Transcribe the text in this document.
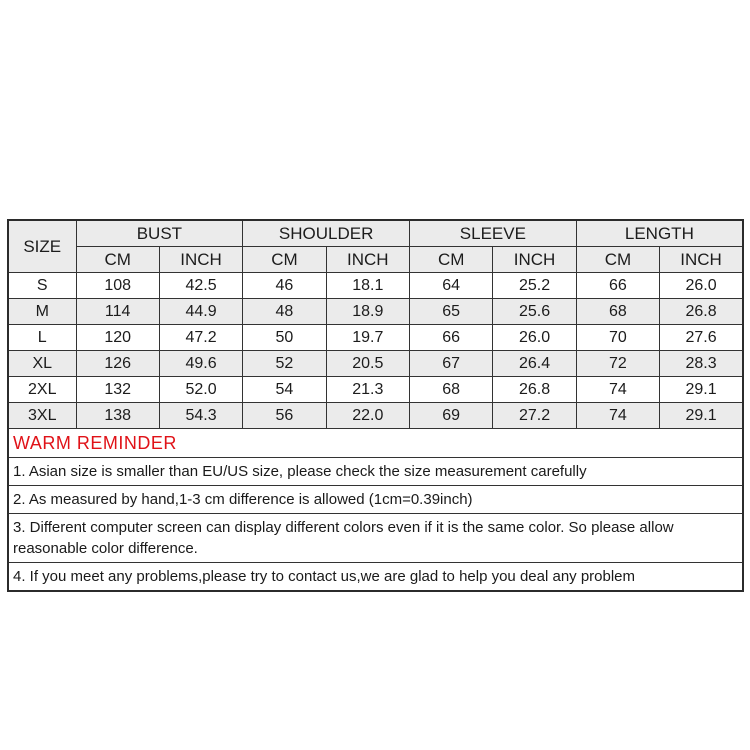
SIZE	BUST		SHOULDER		SLEEVE		LENGTH	
	CM	INCH	CM	INCH	CM	INCH	CM	INCH
S	108	42.5	46	18.1	64	25.2	66	26.0
M	114	44.9	48	18.9	65	25.6	68	26.8
L	120	47.2	50	19.7	66	26.0	70	27.6
XL	126	49.6	52	20.5	67	26.4	72	28.3
2XL	132	52.0	54	21.3	68	26.8	74	29.1
3XL	138	54.3	56	22.0	69	27.2	74	29.1
WARM REMINDER								
1. Asian size is smaller than EU/US size, please check the size measurement carefully								
2. As measured by hand,1-3 cm difference is allowed (1cm=0.39inch)								
3. Different computer screen can display different colors even if it is the same color. So please allow reasonable color difference.								
4. If you meet any problems,please try to contact us,we are glad to help you deal any problem								
